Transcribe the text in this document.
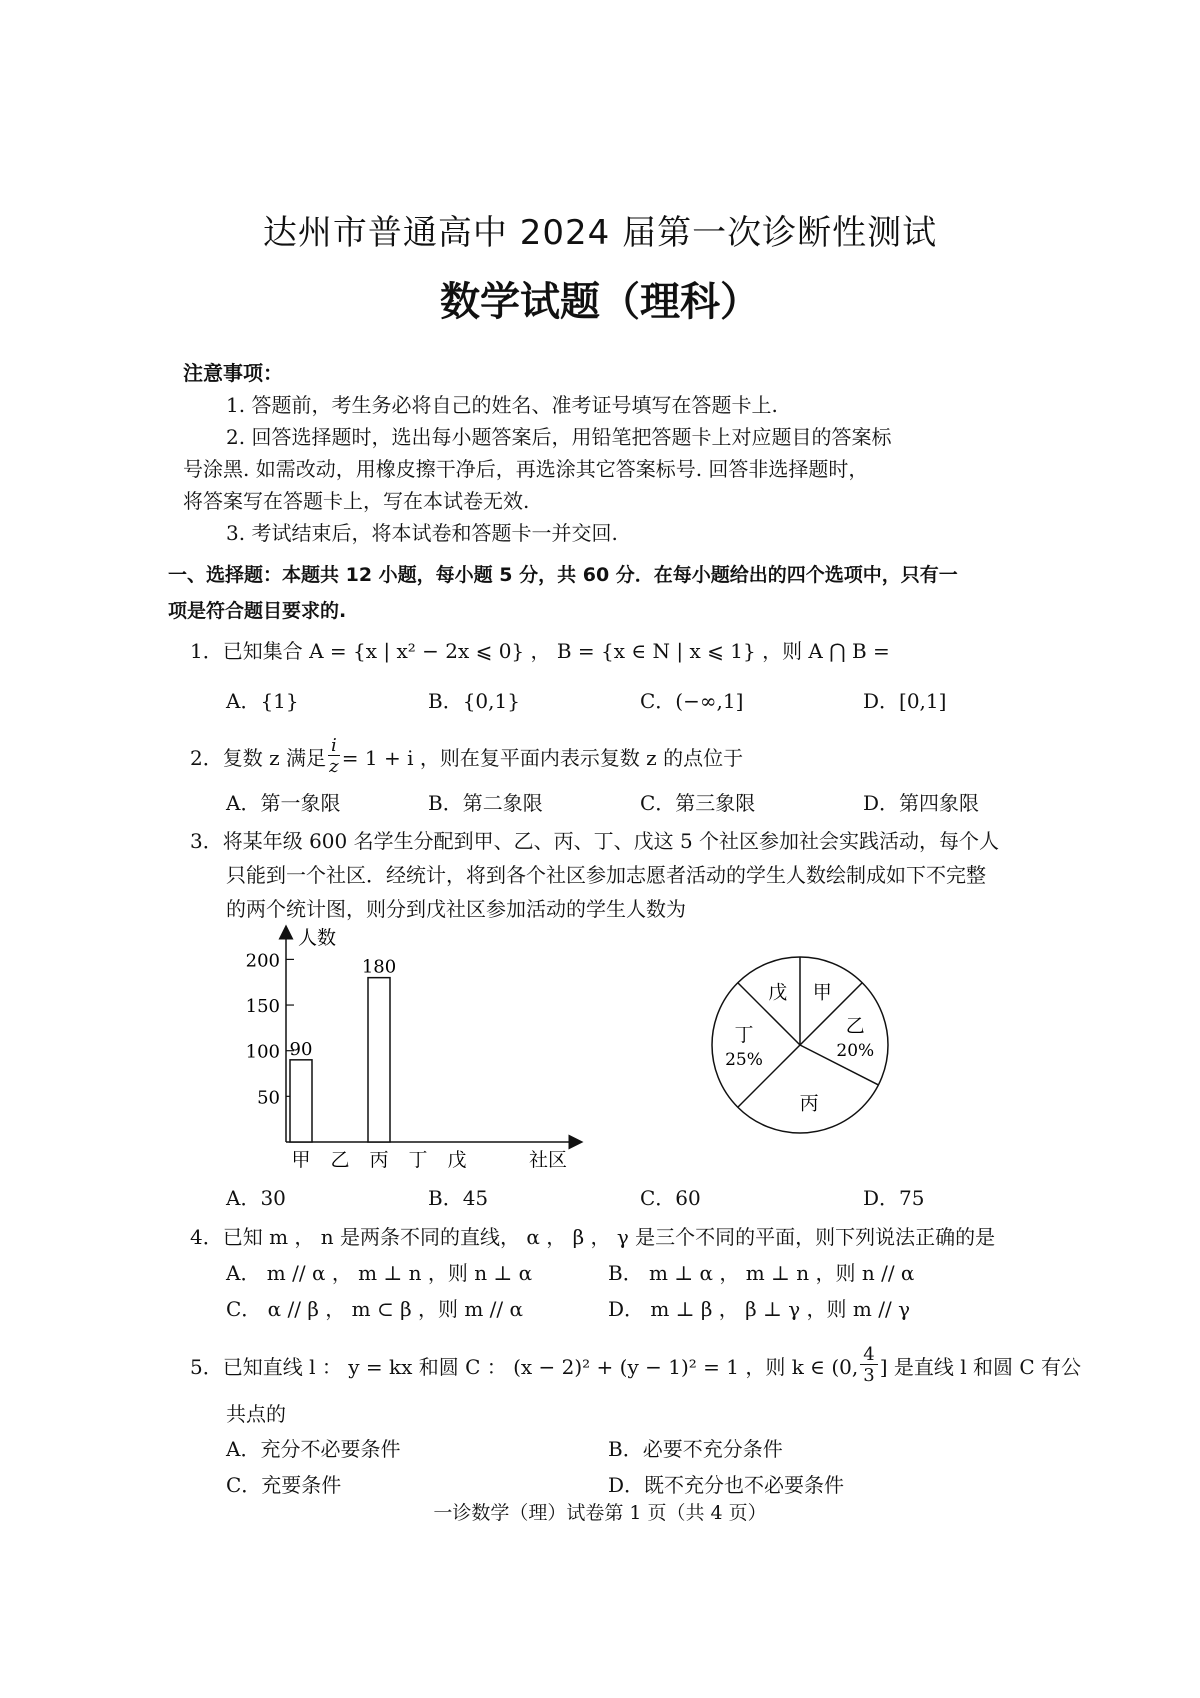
达州市普通高中 2024 届第一次诊断性测试
数学试题（理科）
注意事项：
1. 答题前，考生务必将自己的姓名、准考证号填写在答题卡上.
2. 回答选择题时，选出每小题答案后，用铅笔把答题卡上对应题目的答案标
号涂黑. 如需改动，用橡皮擦干净后，再选涂其它答案标号. 回答非选择题时，
将答案写在答题卡上，写在本试卷无效.
3. 考试结束后，将本试卷和答题卡一并交回.
一、选择题：本题共 12 小题，每小题 5 分，共 60 分．在每小题给出的四个选项中，只有一
项是符合题目要求的.
1．已知集合 A = {x | x² − 2x ⩽ 0} ， B = {x ∈ N | x ⩽ 1} ，则 A ⋂ B =
A．{1}	B．{0,1}	C．(−∞,1]	D．[0,1]
2．复数 z 满足 $\frac{i}{z} = 1 + i$ ，则在复平面内表示复数 z 的点位于
A．第一象限	B．第二象限	C．第三象限	D．第四象限
3．将某年级 600 名学生分配到甲、乙、丙、丁、戊这 5 个社区参加社会实践活动，每个人
只能到一个社区．经统计，将到各个社区参加志愿者活动的学生人数绘制成如下不完整
的两个统计图，则分到戊社区参加活动的学生人数为
人数
社区
50
100
150
200
甲
90
乙 丙
180
丁 戊
甲
乙
20%
丙
丁
25%
戊
A．30	B．45	C．60	D．75
4．已知 m ， n 是两条不同的直线， α ， β ， γ 是三个不同的平面，则下列说法正确的是
A． m // α ， m ⊥ n ，则 n ⊥ α	B． m ⊥ α ， m ⊥ n ，则 n // α
C． α // β ， m ⊂ β ，则 m // α	D． m ⊥ β ， β ⊥ γ ，则 m // γ
5．已知直线 l ： y = kx 和圆 C ： (x − 2)² + (y − 1)² = 1 ，则 k ∈ (0, $\frac{4}{3}$ ] 是直线 l 和圆 C 有公
共点的
A．充分不必要条件	B．必要不充分条件
C．充要条件	D．既不充分也不必要条件
一诊数学（理）试卷第 1 页（共 4 页）
